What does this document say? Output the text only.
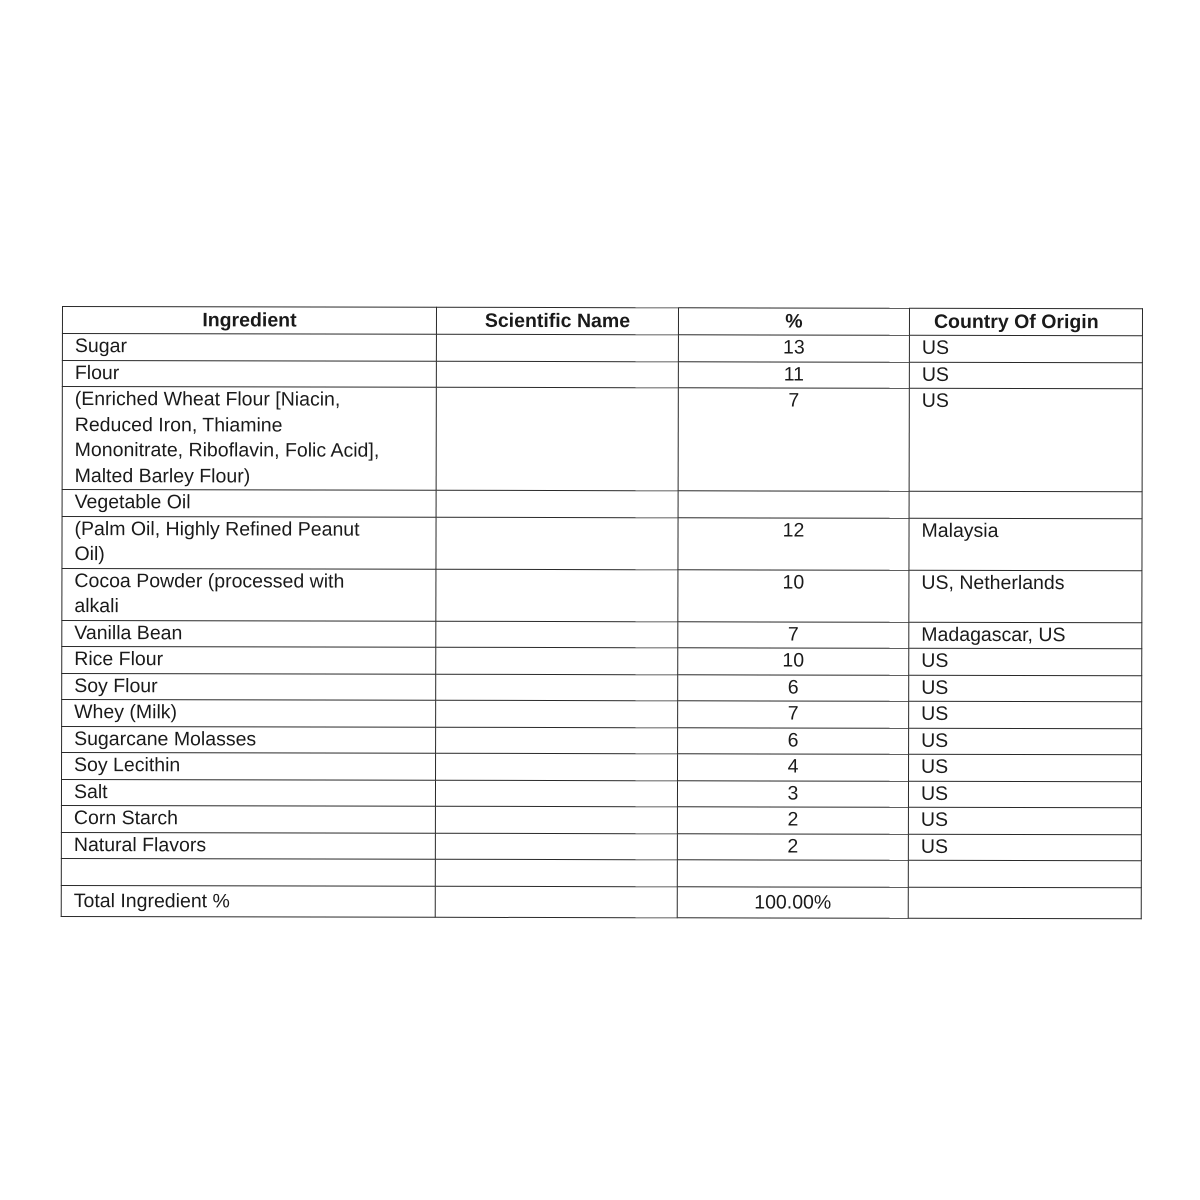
Ingredient	Scientific Name	%	Country Of Origin
Sugar		13	US
Flour		11	US

(Enriched Wheat Flour [Niacin,
Reduced Iron, Thiamine
Mononitrate, Riboflavin, Folic Acid],
Malted Barley Flour)		7	US
Vegetable Oil			

(Palm Oil, Highly Refined Peanut
Oil)		12	Malaysia

Cocoa Powder (processed with
alkali		10	US, Netherlands
Vanilla Bean		7	Madagascar, US
Rice Flour		10	US
Soy Flour		6	US
Whey (Milk)		7	US
Sugarcane Molasses		6	US
Soy Lecithin		4	US
Salt		3	US
Corn Starch		2	US
Natural Flavors		2	US

Total Ingredient %		100.00%	
